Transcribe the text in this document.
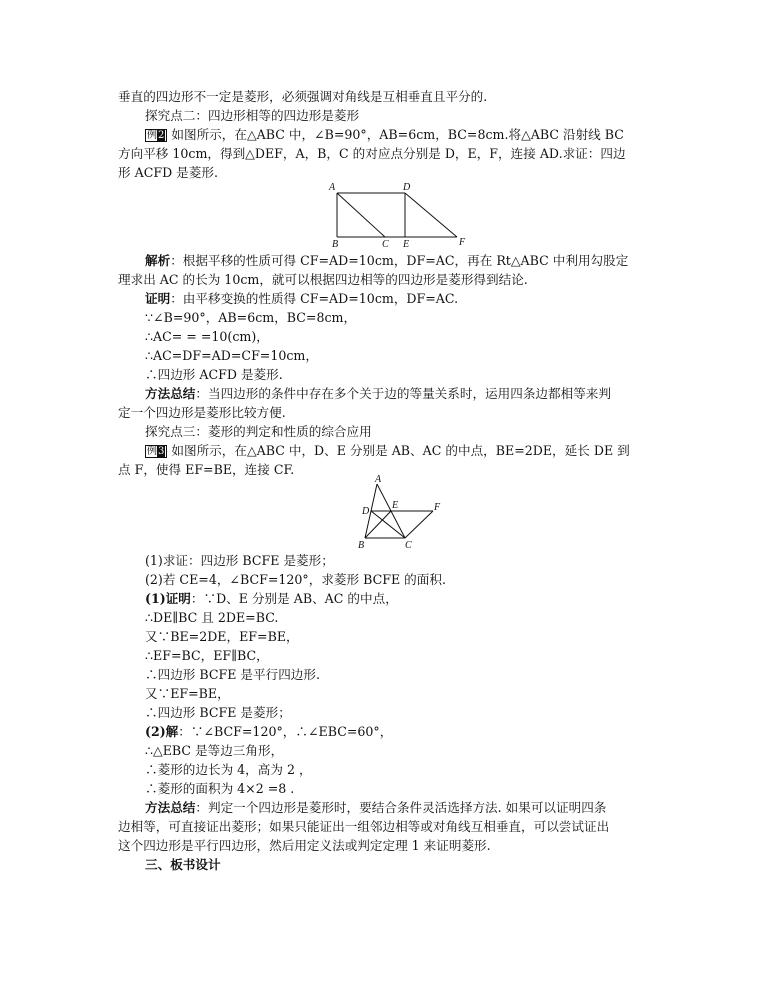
垂直的四边形不一定是菱形，必须强调对角线是互相垂直且平分的.
探究点二：四边形相等的四边形是菱形
例2 如图所示，在△ABC 中，∠B=90°，AB=6cm，BC=8cm.将△ABC 沿射线 BC
方向平移 10cm，得到△DEF，A，B，C 的对应点分别是 D，E，F，连接 AD.求证：四边
形 ACFD 是菱形.
A	D
B	C E	F
解析：根据平移的性质可得 CF=AD=10cm，DF=AC，再在 Rt△ABC 中利用勾股定
理求出 AC 的长为 10cm，就可以根据四边相等的四边形是菱形得到结论.
证明：由平移变换的性质得 CF=AD=10cm，DF=AC.
∵∠B=90°，AB=6cm，BC=8cm，
∴AC= = =10(cm)，
∴AC=DF=AD=CF=10cm，
∴四边形 ACFD 是菱形.
方法总结：当四边形的条件中存在多个关于边的等量关系时，运用四条边都相等来判
定一个四边形是菱形比较方便.
探究点三：菱形的判定和性质的综合应用
例3 如图所示，在△ABC 中，D、E 分别是 AB、AC 的中点，BE=2DE，延长 DE 到
点 F，使得 EF=BE，连接 CF.
A
D
E	F
B	C
(1)求证：四边形 BCFE 是菱形；
(2)若 CE=4，∠BCF=120°，求菱形 BCFE 的面积.
(1)证明：∵D、E 分别是 AB、AC 的中点，
∴DE∥BC 且 2DE=BC.
又∵BE=2DE，EF=BE，
∴EF=BC，EF∥BC，
∴四边形 BCFE 是平行四边形.
又∵EF=BE，
∴四边形 BCFE 是菱形；
(2)解：∵∠BCF=120°，∴∠EBC=60°，
∴△EBC 是等边三角形，
∴菱形的边长为 4，高为 2 ，
∴菱形的面积为 4×2 =8 .
方法总结：判定一个四边形是菱形时，要结合条件灵活选择方法. 如果可以证明四条
边相等，可直接证出菱形；如果只能证出一组邻边相等或对角线互相垂直，可以尝试证出
这个四边形是平行四边形，然后用定义法或判定定理 1 来证明菱形.
三、板书设计
